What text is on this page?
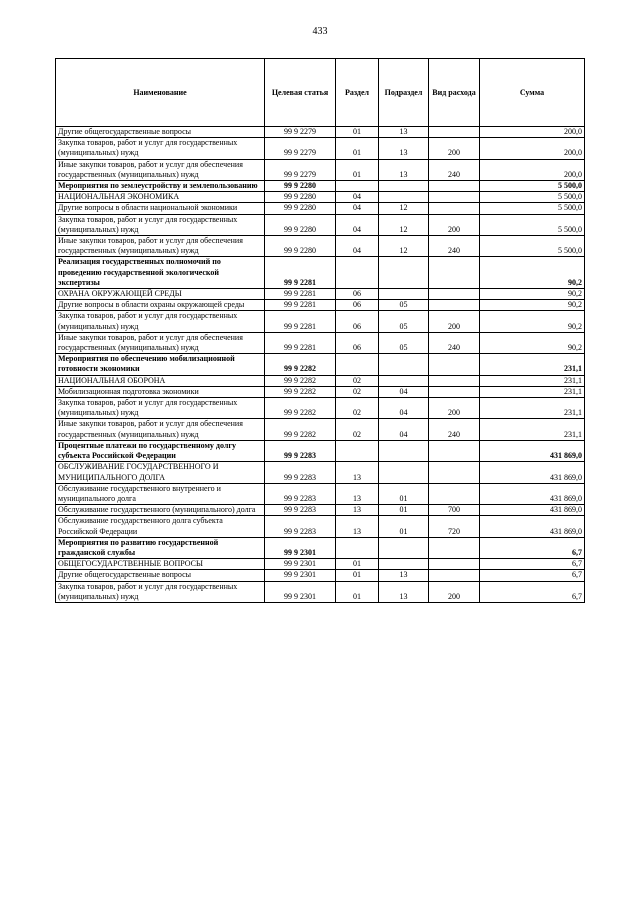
433
Наименование	Целевая статья	Раздел	Подраздел	Вид расхода	Сумма
Другие общегосударственные вопросы	99 9 2279	01	13		200,0
Закупка товаров, работ и услуг для государственных (муниципальных) нужд	99 9 2279	01	13	200	200,0
Иные закупки товаров, работ и услуг для обеспечения государственных (муниципальных) нужд	99 9 2279	01	13	240	200,0
Мероприятия по землеустройству и землепользованию	99 9 2280				5 500,0
НАЦИОНАЛЬНАЯ ЭКОНОМИКА	99 9 2280	04			5 500,0
Другие вопросы в области национальной экономики	99 9 2280	04	12		5 500,0
Закупка товаров, работ и услуг для государственных (муниципальных) нужд	99 9 2280	04	12	200	5 500,0
Иные закупки товаров, работ и услуг для обеспечения государственных (муниципальных) нужд	99 9 2280	04	12	240	5 500,0
Реализация государственных полномочий по проведению государственной экологической экспертизы	99 9 2281				90,2
ОХРАНА ОКРУЖАЮЩЕЙ СРЕДЫ	99 9 2281	06			90,2
Другие вопросы в области охраны окружающей среды	99 9 2281	06	05		90,2
Закупка товаров, работ и услуг для государственных (муниципальных) нужд	99 9 2281	06	05	200	90,2
Иные закупки товаров, работ и услуг для обеспечения государственных (муниципальных) нужд	99 9 2281	06	05	240	90,2
Мероприятия по обеспечению мобилизационной готовности экономики	99 9 2282				231,1
НАЦИОНАЛЬНАЯ ОБОРОНА	99 9 2282	02			231,1
Мобилизационная подготовка экономики	99 9 2282	02	04		231,1
Закупка товаров, работ и услуг для государственных (муниципальных) нужд	99 9 2282	02	04	200	231,1
Иные закупки товаров, работ и услуг для обеспечения государственных (муниципальных) нужд	99 9 2282	02	04	240	231,1
Процентные платежи по государственному долгу субъекта Российской Федерации	99 9 2283				431 869,0
ОБСЛУЖИВАНИЕ ГОСУДАРСТВЕННОГО И МУНИЦИПАЛЬНОГО ДОЛГА	99 9 2283	13			431 869,0
Обслуживание государственного внутреннего и муниципального долга	99 9 2283	13	01		431 869,0
Обслуживание государственного (муниципального) долга	99 9 2283	13	01	700	431 869,0
Обслуживание государственного долга субъекта Российской Федерации	99 9 2283	13	01	720	431 869,0
Мероприятия по развитию государственной гражданской службы	99 9 2301				6,7
ОБЩЕГОСУДАРСТВЕННЫЕ ВОПРОСЫ	99 9 2301	01			6,7
Другие общегосударственные вопросы	99 9 2301	01	13		6,7
Закупка товаров, работ и услуг для государственных (муниципальных) нужд	99 9 2301	01	13	200	6,7
